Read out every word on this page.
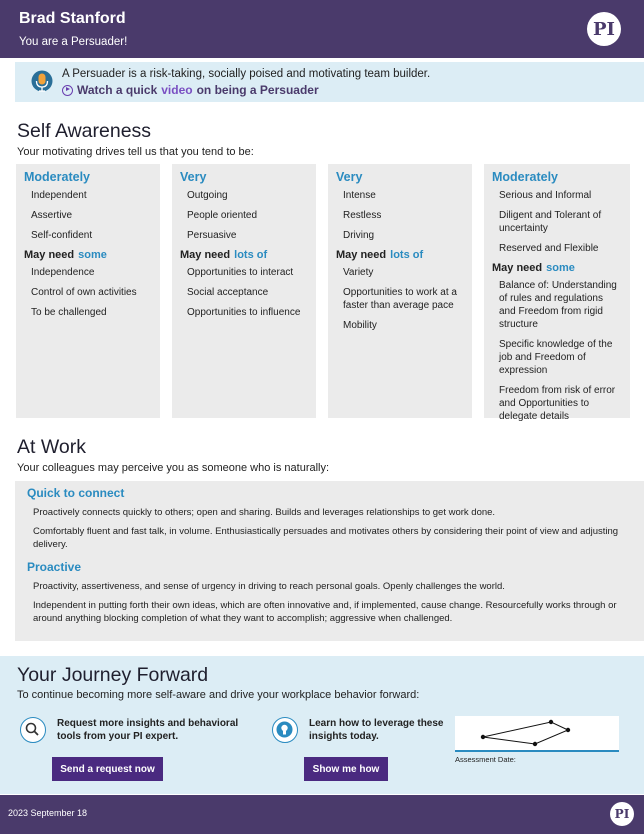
Brad Stanford
You are a Persuader!
PI
A Persuader is a risk-taking, socially poised and motivating team builder.
Watch a quick video on being a Persuader
Self Awareness
Your motivating drives tell us that you tend to be:
Moderately
Independent
Assertive
Self-confident
May need some
Independence
Control of own activities
To be challenged
Very
Outgoing
People oriented
Persuasive
May need lots of
Opportunities to interact
Social acceptance
Opportunities to influence
Very
Intense
Restless
Driving
May need lots of
Variety
Opportunities to work at a faster than average pace
Mobility
Moderately
Serious and Informal
Diligent and Tolerant of uncertainty
Reserved and Flexible
May need some
Balance of: Understanding of rules and regulations and Freedom from rigid structure
Specific knowledge of the job and Freedom of expression
Freedom from risk of error and Opportunities to delegate details
At Work
Your colleagues may perceive you as someone who is naturally:
Quick to connect
Proactively connects quickly to others; open and sharing. Builds and leverages relationships to get work done.
Comfortably fluent and fast talk, in volume. Enthusiastically persuades and motivates others by considering their point of view and adjusting delivery.
Proactive
Proactivity, assertiveness, and sense of urgency in driving to reach personal goals. Openly challenges the world.
Independent in putting forth their own ideas, which are often innovative and, if implemented, cause change. Resourcefully works through or around anything blocking completion of what they want to accomplish; aggressive when challenged.
Your Journey Forward
To continue becoming more self-aware and drive your workplace behavior forward:
Request more insights and behavioral tools from your PI expert.
Send a request now
Learn how to leverage these insights today.
Show me how
Assessment Date:
2023 September 18	PI
